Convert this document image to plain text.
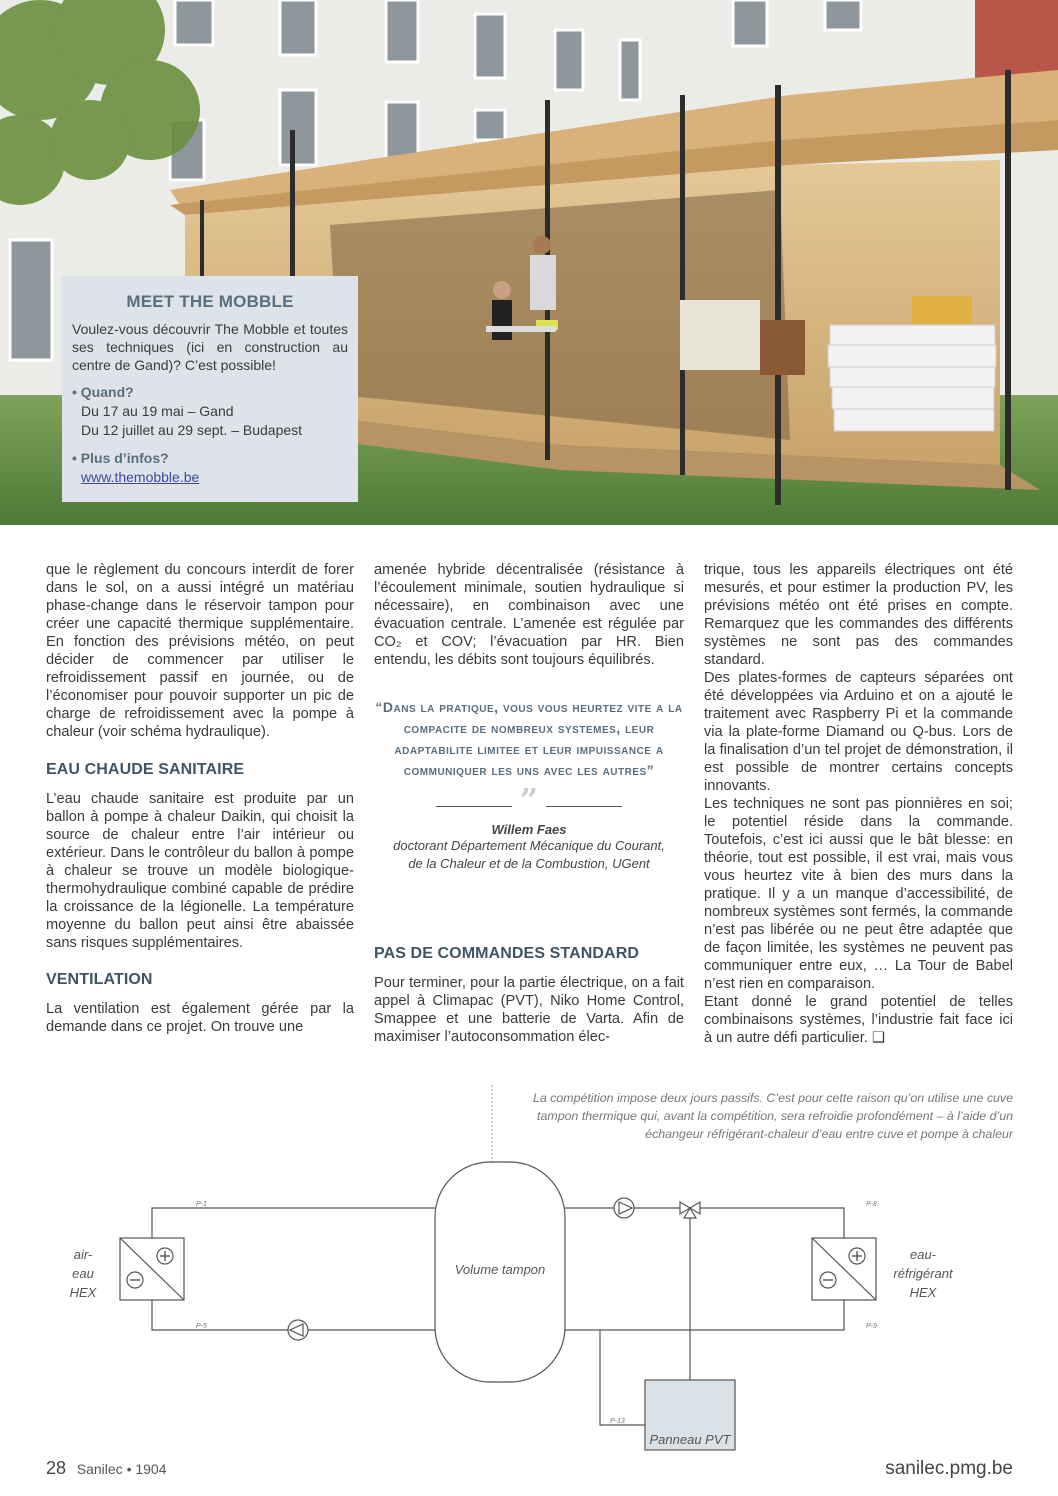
MEET THE MOBBLE

Voulez-vous découvrir The Mobble et toutes ses techniques (ici en construction au centre de Gand)? C’est possible!

• Quand?
Du 17 au 19 mai – Gand
Du 12 juillet au 29 sept. – Budapest
• Plus d’infos?
www.themobble.be

que le règlement du concours interdit de forer dans le sol, on a aussi intégré un matériau phase-change dans le réservoir tampon pour créer une capacité thermique supplémentaire. En fonction des prévisions météo, on peut décider de commencer par utiliser le refroidissement passif en journée, ou de l’économiser pour pouvoir supporter un pic de charge de refroidissement avec la pompe à chaleur (voir schéma hydraulique).

EAU CHAUDE SANITAIRE

L’eau chaude sanitaire est produite par un ballon à pompe à chaleur Daikin, qui choisit la source de chaleur entre l’air intérieur ou extérieur. Dans le contrôleur du ballon à pompe à chaleur se trouve un modèle biologique-thermohydraulique combiné capable de prédire la croissance de la légionelle. La température moyenne du ballon peut ainsi être abaissée sans risques supplémentaires.

VENTILATION

La ventilation est également gérée par la demande dans ce projet. On trouve une

amenée hybride décentralisée (résistance à l’écoulement minimale, soutien hydraulique si nécessaire), en combinaison avec une évacuation centrale. L’amenée est régulée par CO₂ et COV; l’évacuation par HR. Bien entendu, les débits sont toujours équilibrés.

“Dans la pratique, vous vous heurtez vite a la compacite de nombreux systemes, leur adaptabilite limitee et leur impuissance a communiquer les uns avec les autres”
”
Willem Faes
doctorant Département Mécanique du Courant,
de la Chaleur et de la Combustion, UGent
PAS DE COMMANDES STANDARD

Pour terminer, pour la partie électrique, on a fait appel à Climapac (PVT), Niko Home Control, Smappee et une batterie de Varta. Afin de maximiser l’autoconsommation élec-

trique, tous les appareils électriques ont été mesurés, et pour estimer la production PV, les prévisions météo ont été prises en compte. Remarquez que les commandes des différents systèmes ne sont pas des commandes standard.

Des plates-formes de capteurs séparées ont été développées via Arduino et on a ajouté le traitement avec Raspberry Pi et la commande via la plate-forme Diamand ou Q-bus. Lors de la finalisation d’un tel projet de démonstration, il est possible de montrer certains concepts innovants.

Les techniques ne sont pas pionnières en soi; le potentiel réside dans la commande. Toutefois, c’est ici aussi que le bât blesse: en théorie, tout est possible, il est vrai, mais vous vous heurtez vite à bien des murs dans la pratique. Il y a un manque d’accessibilité, de nombreux systèmes sont fermés, la commande n’est pas libérée ou ne peut être adaptée que de façon limitée, les systèmes ne peuvent pas communiquer entre eux, … La Tour de Babel n’est rien en comparaison.

Etant donné le grand potentiel de telles combinaisons systèmes, l’industrie fait face ici à un autre défi particulier. ❑

La compétition impose deux jours passifs. C’est pour cette raison qu’on utilise une cuve tampon thermique qui, avant la compétition, sera refroidie profondément – à l’aide d’un échangeur réfrigérant-chaleur d’eau entre cuve et pompe à chaleur
P-1
P-5
P-8
P-9
P-13
air-
eau
HEX
eau-
réfrigérant
HEX
Volume tampon
Panneau PVT
28 Sanilec • 1904	sanilec.pmg.be
